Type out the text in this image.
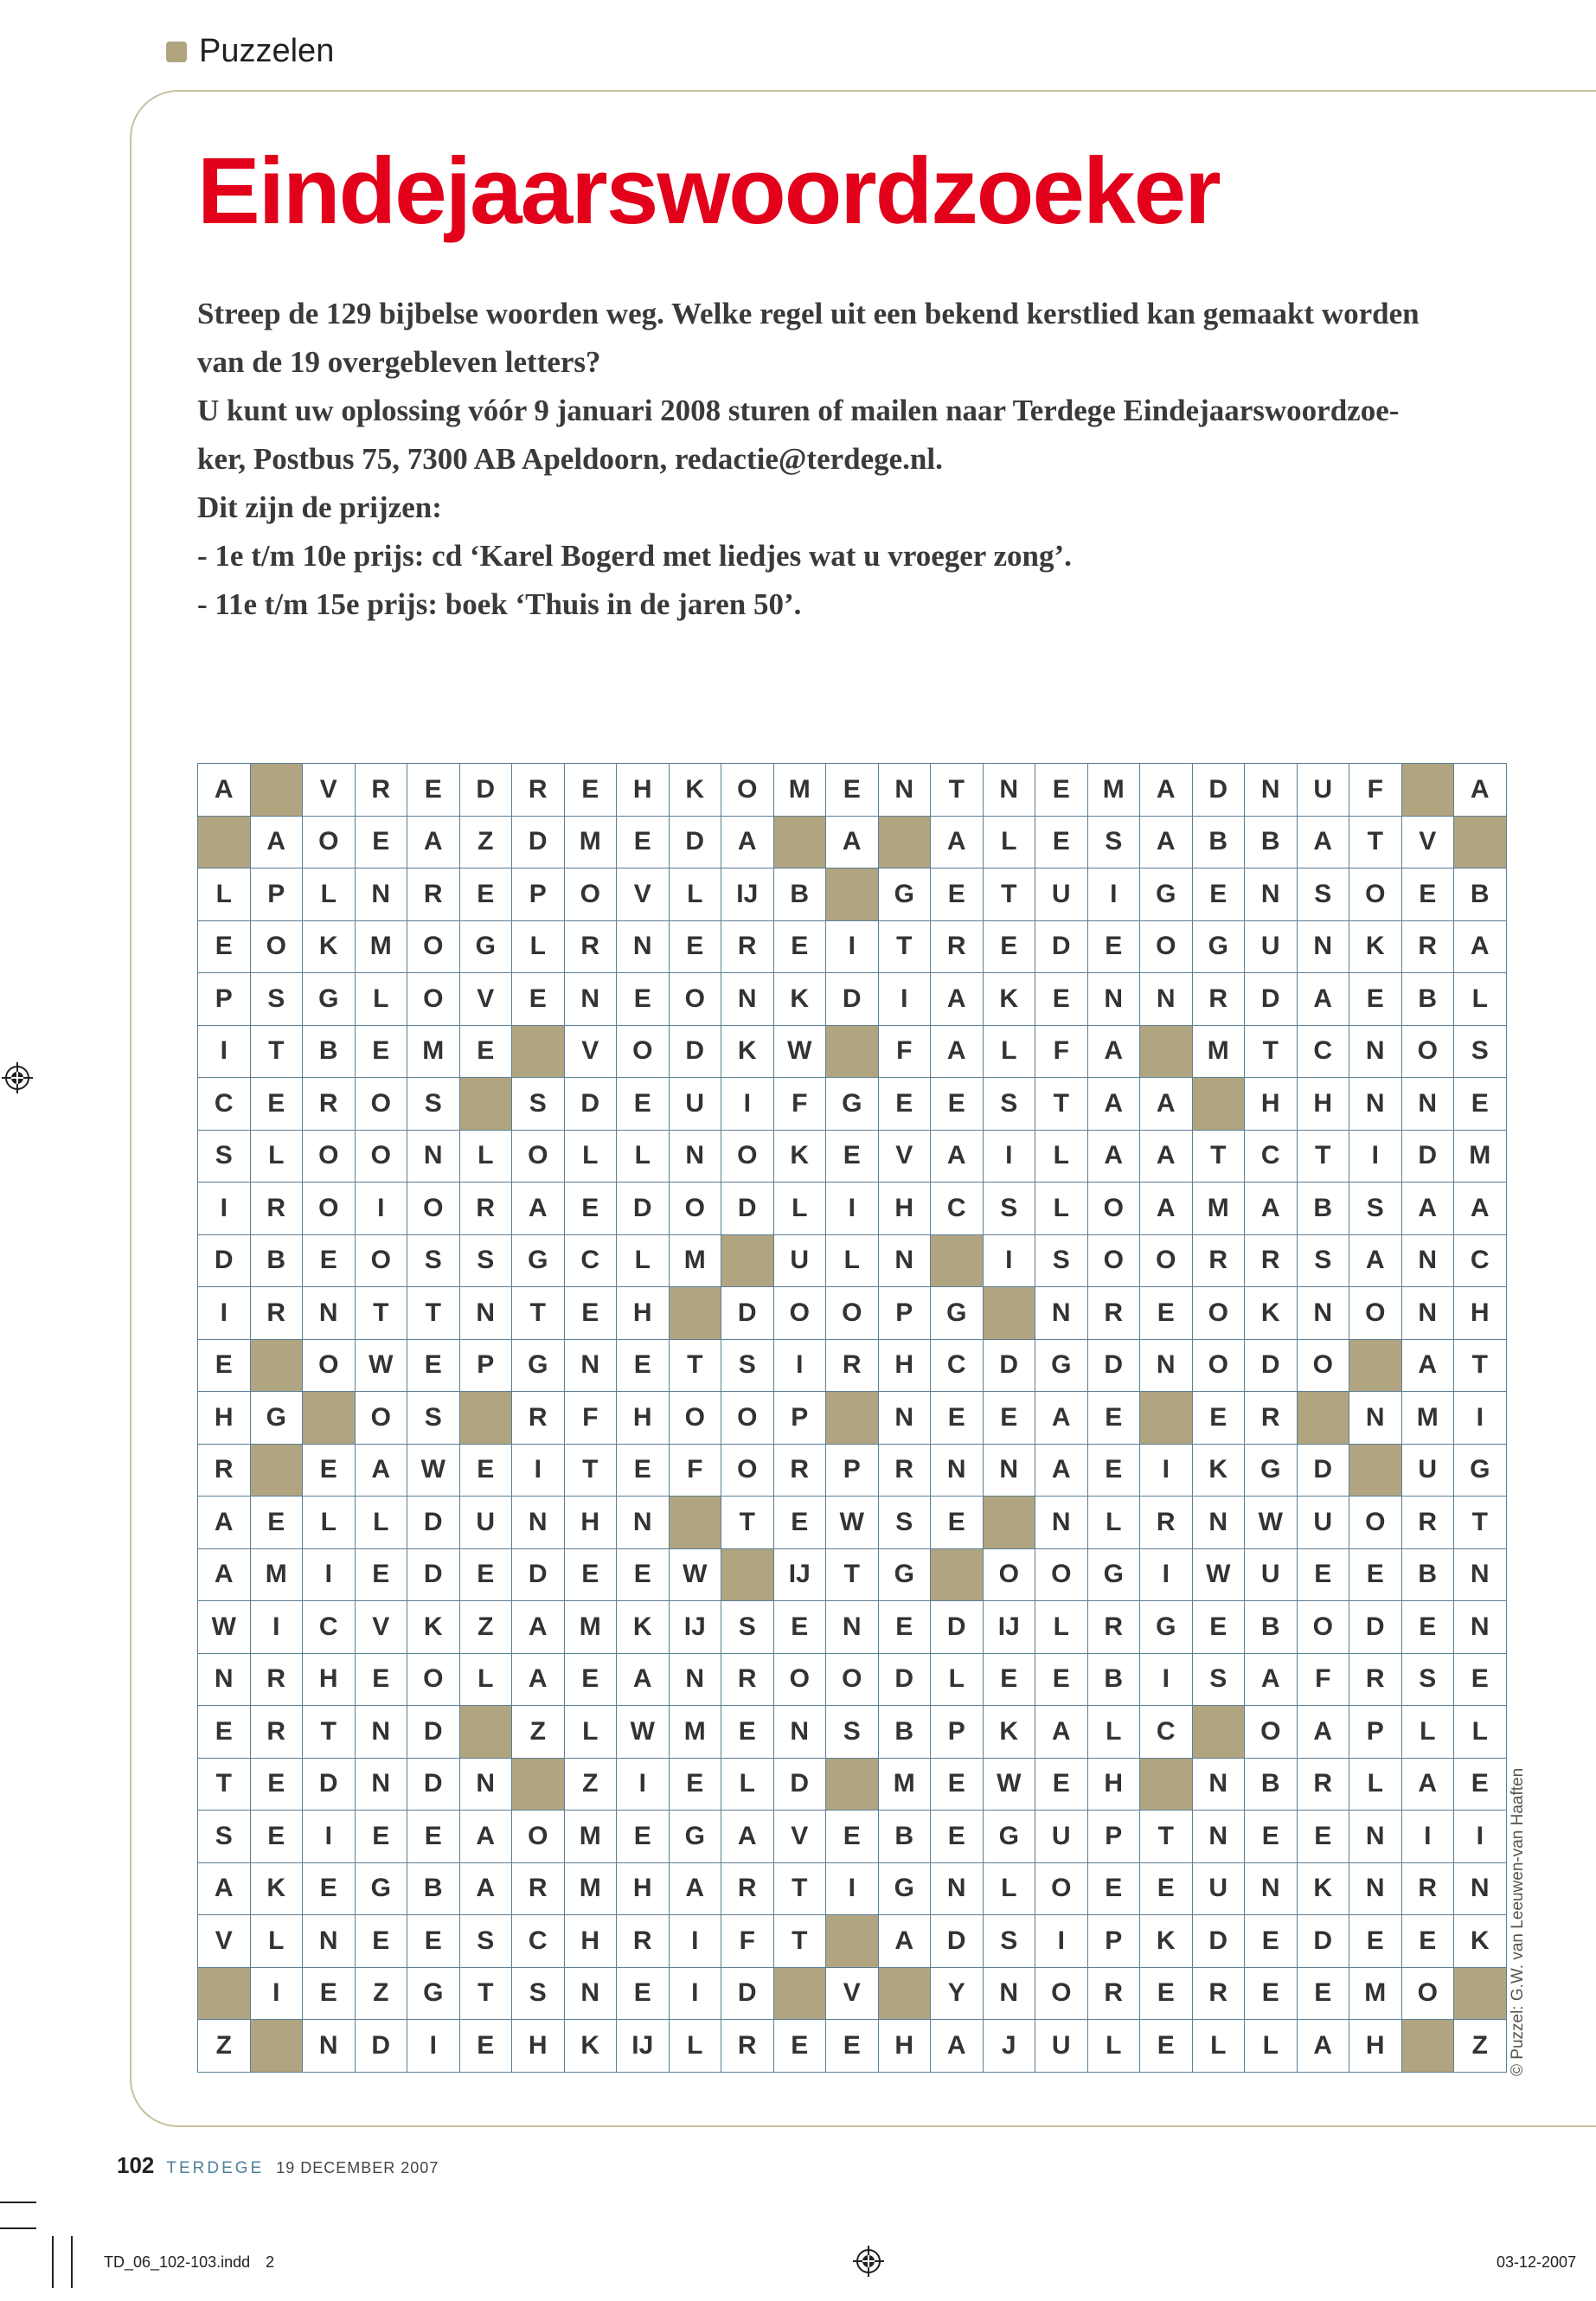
Puzzelen
Eindejaarswoordzoeker

Streep de 129 bijbelse woorden weg. Welke regel uit een bekend kerstlied kan gemaakt worden

van de 19 overgebleven letters?

U kunt uw oplossing vóór 9 januari 2008 sturen of mailen naar Terdege Eindejaarswoordzoe-

ker, Postbus 75, 7300 AB Apeldoorn, redactie@terdege.nl.

Dit zijn de prijzen:

- 1e t/m 10e prijs: cd ‘Karel Bogerd met liedjes wat u vroeger zong’.

- 11e t/m 15e prijs: boek ‘Thuis in de jaren 50’.

A		V	R	E	D	R	E	H	K	O	M	E	N	T	N	E	M	A	D	N	U	F		A
	A	O	E	A	Z	D	M	E	D	A		A		A	L	E	S	A	B	B	A	T	V	
L	P	L	N	R	E	P	O	V	L	IJ	B		G	E	T	U	I	G	E	N	S	O	E	B
E	O	K	M	O	G	L	R	N	E	R	E	I	T	R	E	D	E	O	G	U	N	K	R	A
P	S	G	L	O	V	E	N	E	O	N	K	D	I	A	K	E	N	N	R	D	A	E	B	L
I	T	B	E	M	E		V	O	D	K	W		F	A	L	F	A		M	T	C	N	O	S
C	E	R	O	S		S	D	E	U	I	F	G	E	E	S	T	A	A		H	H	N	N	E
S	L	O	O	N	L	O	L	L	N	O	K	E	V	A	I	L	A	A	T	C	T	I	D	M
I	R	O	I	O	R	A	E	D	O	D	L	I	H	C	S	L	O	A	M	A	B	S	A	A
D	B	E	O	S	S	G	C	L	M		U	L	N		I	S	O	O	R	R	S	A	N	C
I	R	N	T	T	N	T	E	H		D	O	O	P	G		N	R	E	O	K	N	O	N	H
E		O	W	E	P	G	N	E	T	S	I	R	H	C	D	G	D	N	O	D	O		A	T
H	G		O	S		R	F	H	O	O	P		N	E	E	A	E		E	R		N	M	I
R		E	A	W	E	I	T	E	F	O	R	P	R	N	N	A	E	I	K	G	D		U	G
A	E	L	L	D	U	N	H	N		T	E	W	S	E		N	L	R	N	W	U	O	R	T
A	M	I	E	D	E	D	E	E	W		IJ	T	G		O	O	G	I	W	U	E	E	B	N
W	I	C	V	K	Z	A	M	K	IJ	S	E	N	E	D	IJ	L	R	G	E	B	O	D	E	N
N	R	H	E	O	L	A	E	A	N	R	O	O	D	L	E	E	B	I	S	A	F	R	S	E
E	R	T	N	D		Z	L	W	M	E	N	S	B	P	K	A	L	C		O	A	P	L	L
T	E	D	N	D	N		Z	I	E	L	D		M	E	W	E	H		N	B	R	L	A	E
S	E	I	E	E	A	O	M	E	G	A	V	E	B	E	G	U	P	T	N	E	E	N	I	I
A	K	E	G	B	A	R	M	H	A	R	T	I	G	N	L	O	E	E	U	N	K	N	R	N
V	L	N	E	E	S	C	H	R	I	F	T		A	D	S	I	P	K	D	E	D	E	E	K
	I	E	Z	G	T	S	N	E	I	D		V		Y	N	O	R	E	R	E	E	M	O	
Z		N	D	I	E	H	K	IJ	L	R	E	E	H	A	J	U	L	E	L	L	A	H		Z © Puzzel: G.W. van Leeuwen-van Haaften
102 TERDEGE 19 DECEMBER 2007
TD_06_102-103.indd 2	03-12-2007
